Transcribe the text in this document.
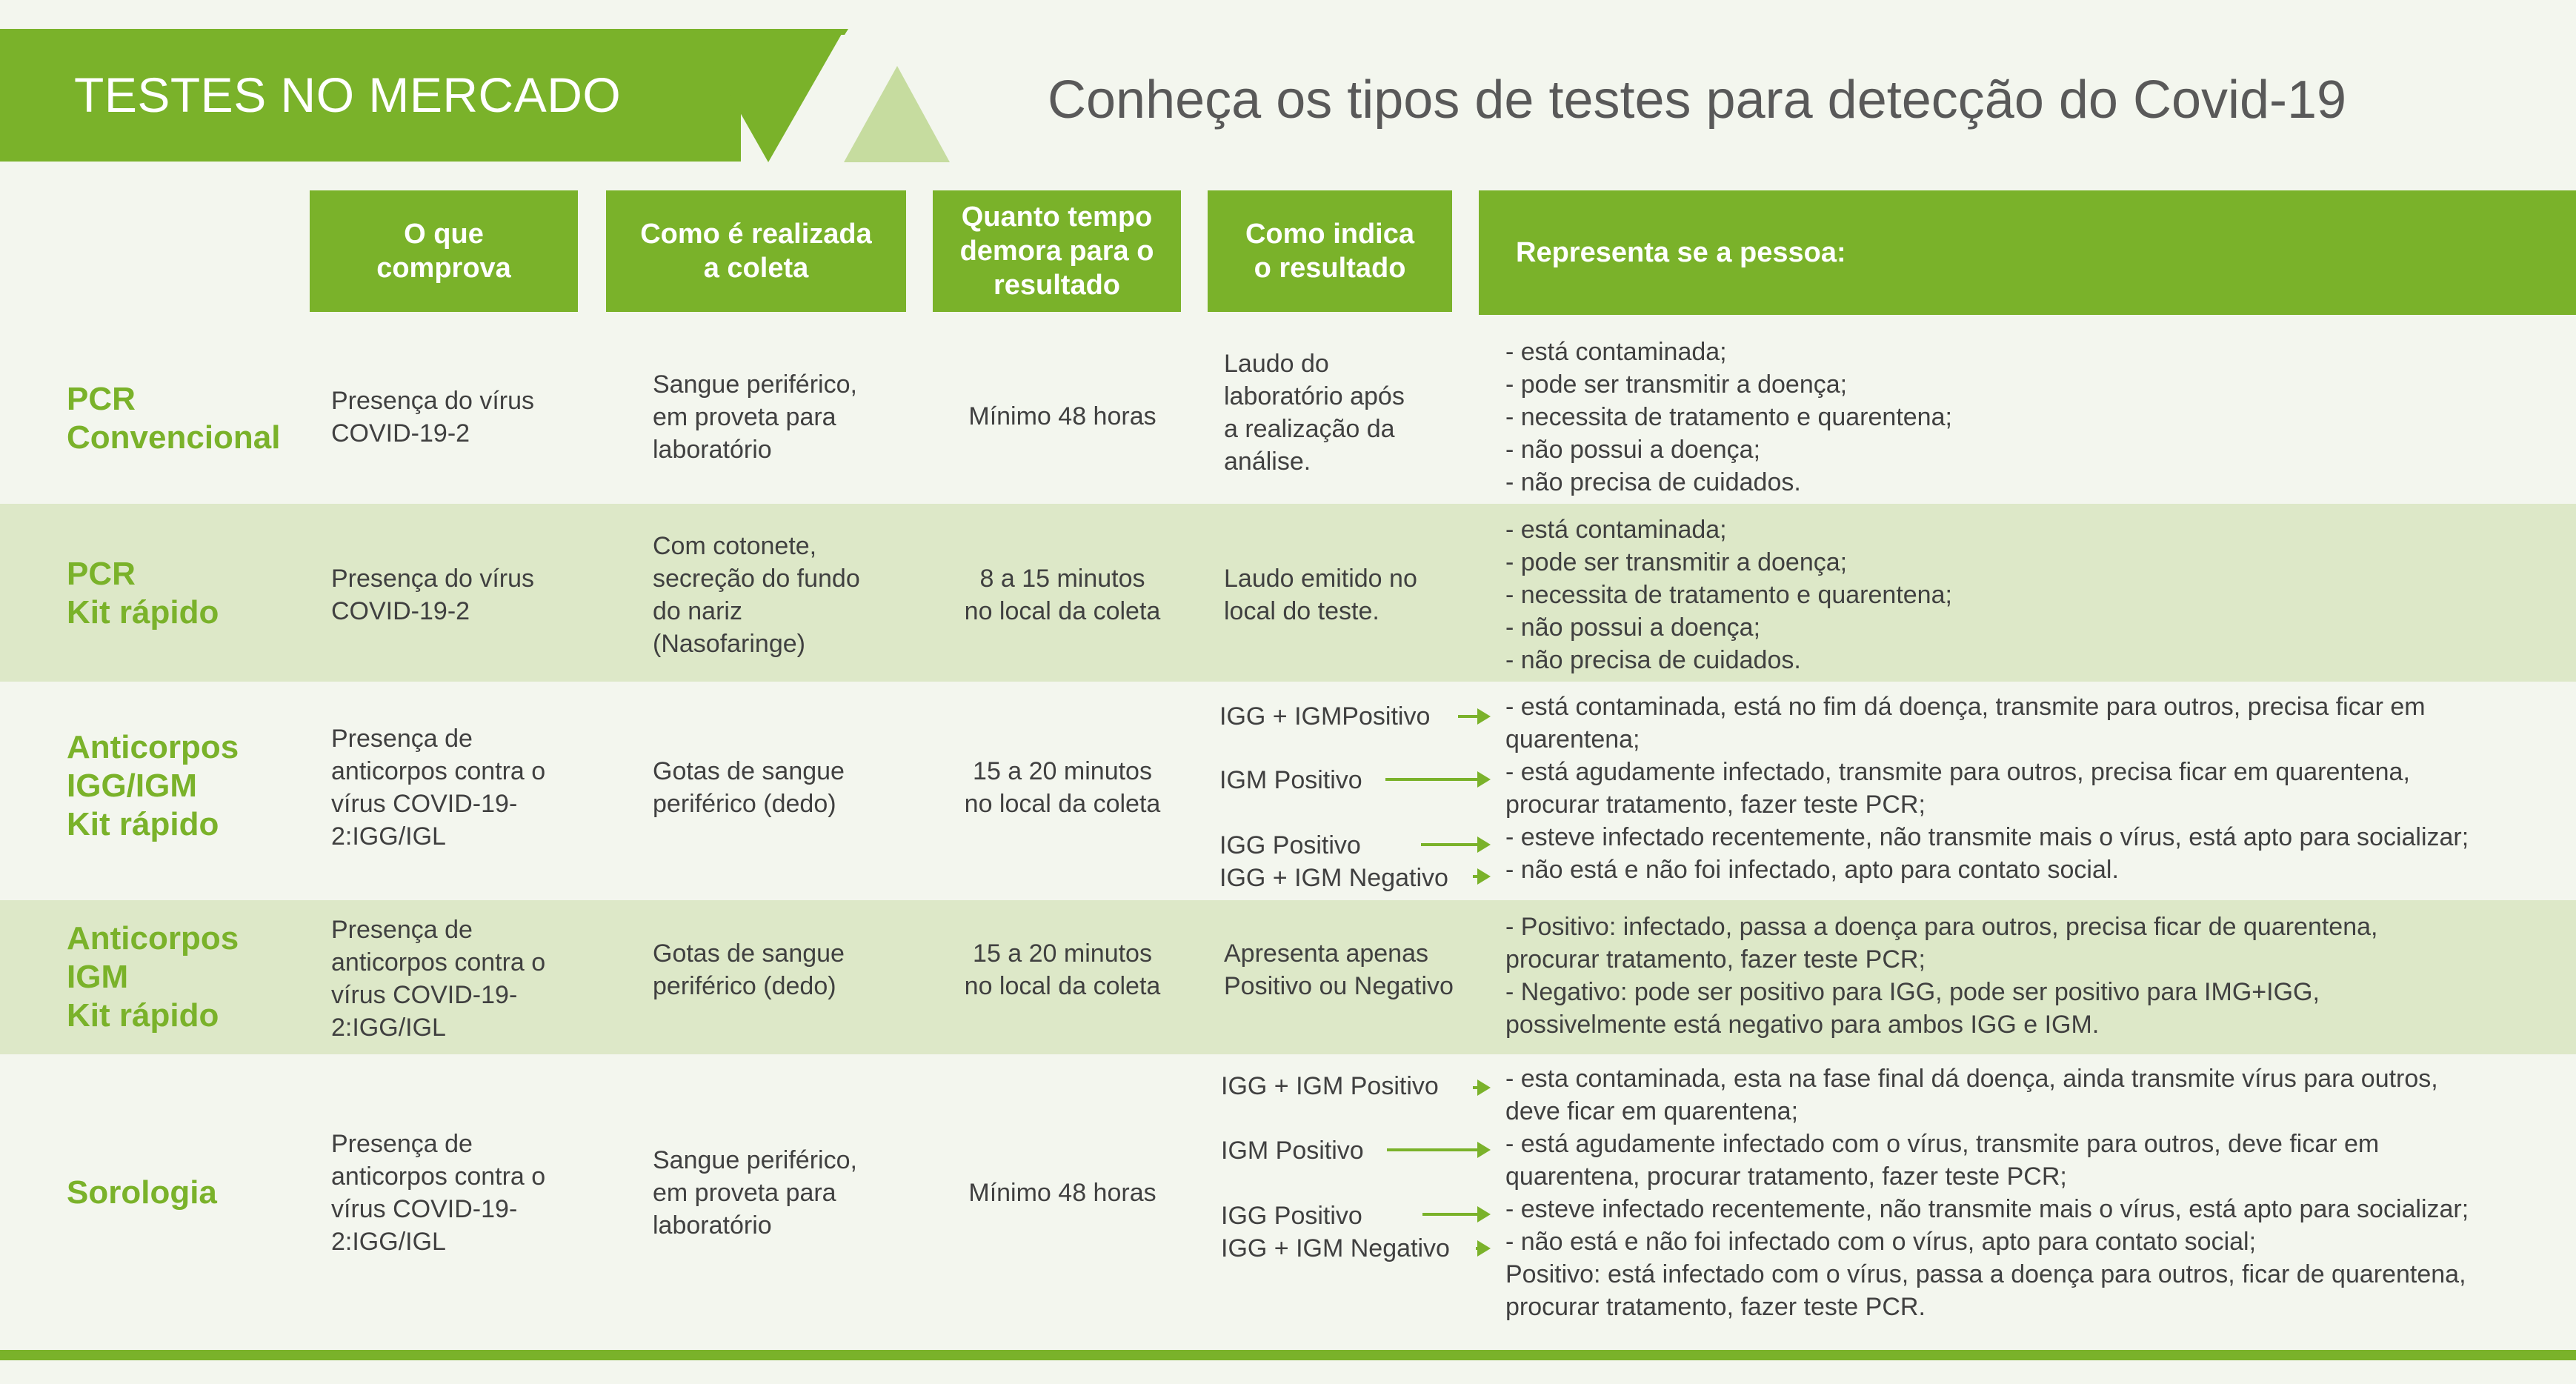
TESTES NO MERCADO	Conheça os tipos de testes para detecção do Covid-19
O que
comprova
Como é realizada
a coleta
Quanto tempo
demora para o
resultado
Como indica
o resultado	Representa se a pessoa:
PCR
Convencional
Presença do vírus
COVID-19-2
Sangue periférico,
em proveta para
laboratório
Mínimo 48 horas
Laudo do
laboratório após
a realização da
análise.
- está contaminada;
- pode ser transmitir a doença;
- necessita de tratamento e quarentena;
- não possui a doença;
- não precisa de cuidados.
PCR
Kit rápido
Presença do vírus
COVID-19-2
Com cotonete,
secreção do fundo
do nariz
(Nasofaringe)
8 a 15 minutos
no local da coleta
Laudo emitido no
local do teste.
- está contaminada;
- pode ser transmitir a doença;
- necessita de tratamento e quarentena;
- não possui a doença;
- não precisa de cuidados.
Anticorpos
IGG/IGM
Kit rápido
Presença de
anticorpos contra o
vírus COVID-19-
2:IGG/IGL
Gotas de sangue
periférico (dedo)
15 a 20 minutos
no local da coleta
IGG + IGMPositivo
IGM Positivo
IGG Positivo
IGG + IGM Negativo
- está contaminada, está no fim dá doença, transmite para outros, precisa ficar em
quarentena;
- está agudamente infectado, transmite para outros, precisa ficar em quarentena,
procurar tratamento, fazer teste PCR;
- esteve infectado recentemente, não transmite mais o vírus, está apto para socializar;
- não está e não foi infectado, apto para contato social.
Anticorpos
IGM
Kit rápido
Presença de
anticorpos contra o
vírus COVID-19-
2:IGG/IGL
Gotas de sangue
periférico (dedo)
15 a 20 minutos
no local da coleta
Apresenta apenas
Positivo ou Negativo
- Positivo: infectado, passa a doença para outros, precisa ficar de quarentena,
procurar tratamento, fazer teste PCR;
- Negativo: pode ser positivo para IGG, pode ser positivo para IMG+IGG,
possivelmente está negativo para ambos IGG e IGM.
Sorologia
Presença de
anticorpos contra o
vírus COVID-19-
2:IGG/IGL
Sangue periférico,
em proveta para
laboratório
Mínimo 48 horas
IGG + IGM Positivo
IGM Positivo
IGG Positivo
IGG + IGM Negativo
- esta contaminada, esta na fase final dá doença, ainda transmite vírus para outros,
deve ficar em quarentena;
- está agudamente infectado com o vírus, transmite para outros, deve ficar em
quarentena, procurar tratamento, fazer teste PCR;
- esteve infectado recentemente, não transmite mais o vírus, está apto para socializar;
- não está e não foi infectado com o vírus, apto para contato social;
Positivo: está infectado com o vírus, passa a doença para outros, ficar de quarentena,
procurar tratamento, fazer teste PCR.
